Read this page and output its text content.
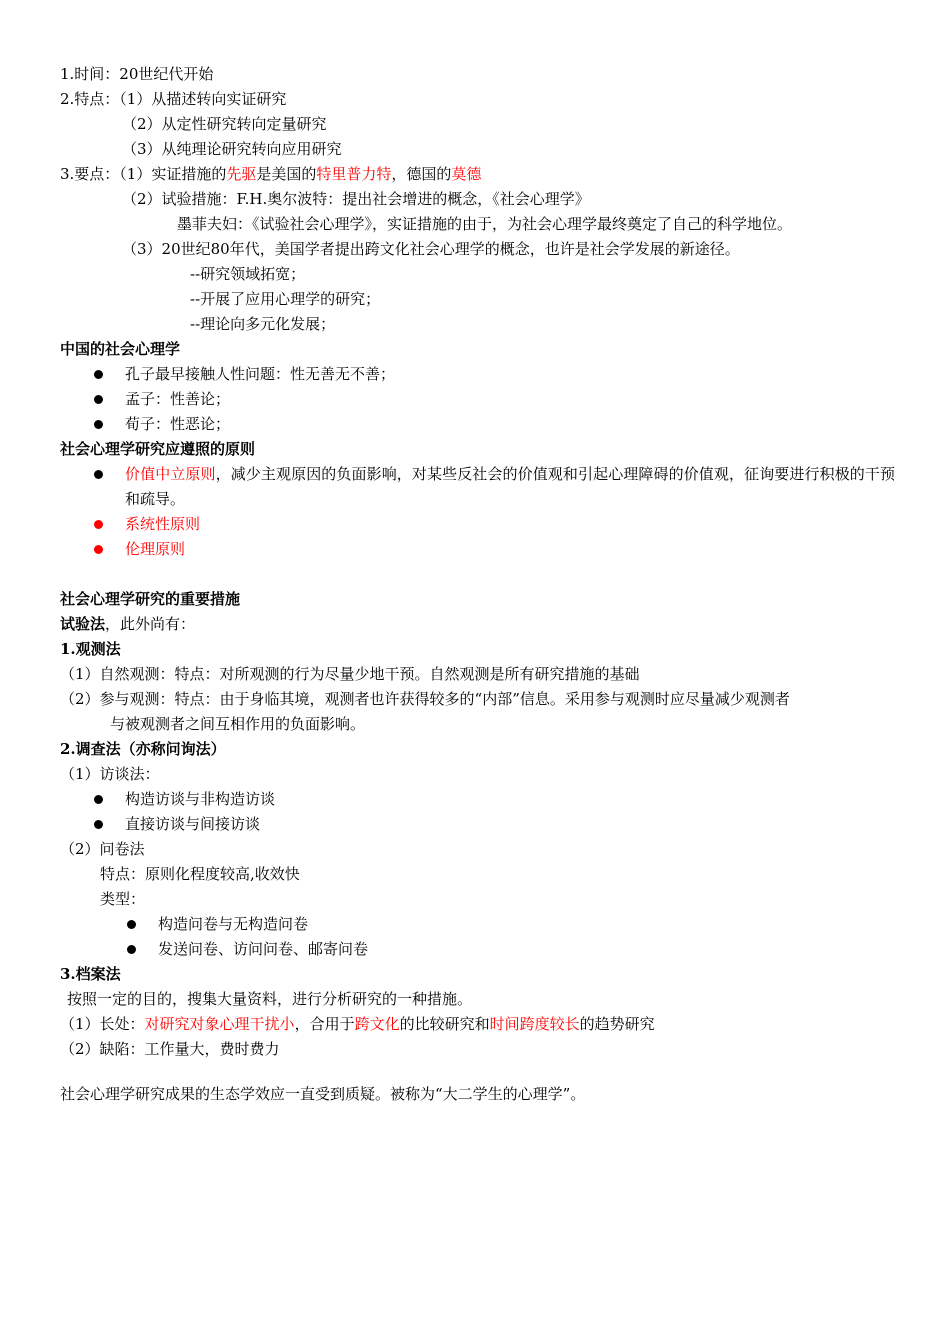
1.时间：20世纪代开始
2.特点：（1）从描述转向实证研究
（2）从定性研究转向定量研究
（3）从纯理论研究转向应用研究
3.要点：（1）实证措施的先驱是美国的特里普力特，德国的莫德
（2）试验措施：F.H.奥尔波特：提出社会增进的概念，《社会心理学》
墨菲夫妇：《试验社会心理学》，实证措施的由于，为社会心理学最终奠定了自己的科学地位。
（3）20世纪80年代，美国学者提出跨文化社会心理学的概念，也许是社会学发展的新途径。
--研究领域拓宽；
--开展了应用心理学的研究；
--理论向多元化发展；
中国的社会心理学
孔子最早接触人性问题：性无善无不善；
孟子：性善论；
荀子：性恶论；
社会心理学研究应遵照的原则
价值中立原则，减少主观原因的负面影响，对某些反社会的价值观和引起心理障碍的价值观，征询要进行积极的干预和疏导。
系统性原则
伦理原则
社会心理学研究的重要措施
试验法，此外尚有：
1.观测法
（1）自然观测：特点：对所观测的行为尽量少地干预。自然观测是所有研究措施的基础
（2）参与观测：特点：由于身临其境，观测者也许获得较多的“内部”信息。采用参与观测时应尽量减少观测者
与被观测者之间互相作用的负面影响。
2.调查法（亦称问询法）
（1）访谈法：
构造访谈与非构造访谈
直接访谈与间接访谈
（2）问卷法
特点：原则化程度较高,收效快
类型：
构造问卷与无构造问卷
发送问卷、访问问卷、邮寄问卷
3.档案法
按照一定的目的，搜集大量资料，进行分析研究的一种措施。
（1）长处：对研究对象心理干扰小，合用于跨文化的比较研究和时间跨度较长的趋势研究
（2）缺陷：工作量大，费时费力
社会心理学研究成果的生态学效应一直受到质疑。被称为“大二学生的心理学”。
